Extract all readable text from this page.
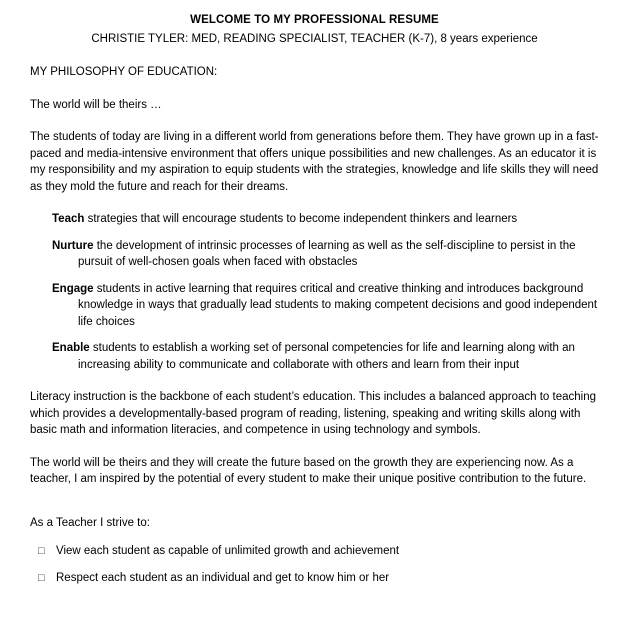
WELCOME TO MY PROFESSIONAL RESUME
CHRISTIE TYLER: MED, READING SPECIALIST, TEACHER (K-7), 8 years experience

MY PHILOSOPHY OF EDUCATION:

The world will be theirs …

The students of today are living in a different world from generations before them. They have grown up in a fast-paced and media-intensive environment that offers unique possibilities and new challenges. As an educator it is my responsibility and my aspiration to equip students with the strategies, knowledge and life skills they will need as they mold the future and reach for their dreams.

Teach strategies that will encourage students to become independent thinkers and learners
Nurture the development of intrinsic processes of learning as well as the self-discipline to persist in the pursuit of well-chosen goals when faced with obstacles
Engage students in active learning that requires critical and creative thinking and introduces background knowledge in ways that gradually lead students to making competent decisions and good independent life choices
Enable students to establish a working set of personal competencies for life and learning along with an increasing ability to communicate and collaborate with others and learn from their input

Literacy instruction is the backbone of each student’s education. This includes a balanced approach to teaching which provides a developmentally-based program of reading, listening, speaking and writing skills along with basic math and information literacies, and competence in using technology and symbols.

The world will be theirs and they will create the future based on the growth they are experiencing now. As a teacher, I am inspired by the potential of every student to make their unique positive contribution to the future.

As a Teacher I strive to:

□ View each student as capable of unlimited growth and achievement
□ Respect each student as an individual and get to know him or her
